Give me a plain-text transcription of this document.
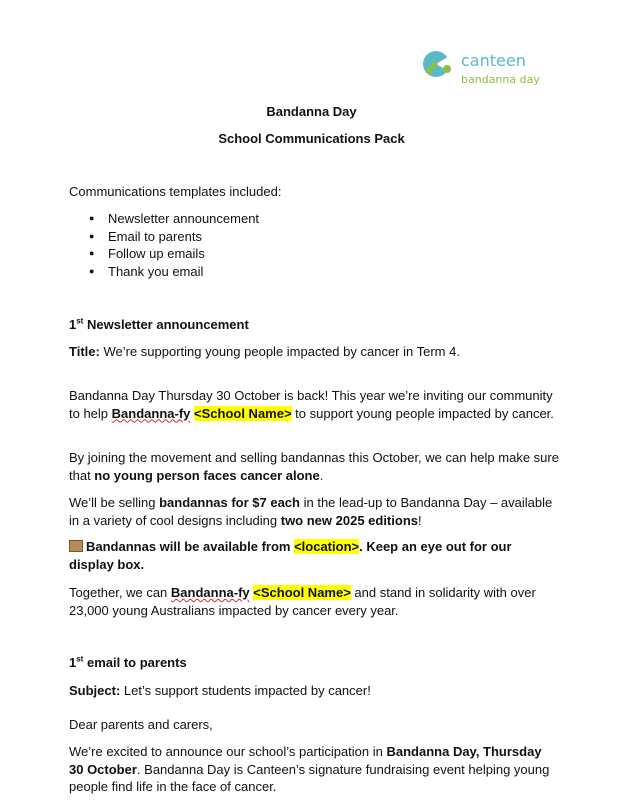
canteen
bandanna day
Bandanna Day
School Communications Pack
Communications templates included:
● Newsletter announcement
● Email to parents
● Follow up emails
● Thank you email
1st Newsletter announcement
Title: We’re supporting young people impacted by cancer in Term 4.
Bandanna Day Thursday 30 October is back! This year we’re inviting our community to help Bandanna-fy <School Name> to support young people impacted by cancer.
By joining the movement and selling bandannas this October, we can help make sure that no young person faces cancer alone.
We’ll be selling bandannas for $7 each in the lead-up to Bandanna Day – available in a variety of cool designs including two new 2025 editions!
Bandannas will be available from <location>. Keep an eye out for our display box.
Together, we can Bandanna-fy <School Name> and stand in solidarity with over 23,000 young Australians impacted by cancer every year.
1st email to parents
Subject: Let’s support students impacted by cancer!
Dear parents and carers,
We’re excited to announce our school’s participation in Bandanna Day, Thursday 30 October. Bandanna Day is Canteen’s signature fundraising event helping young people find life in the face of cancer.
